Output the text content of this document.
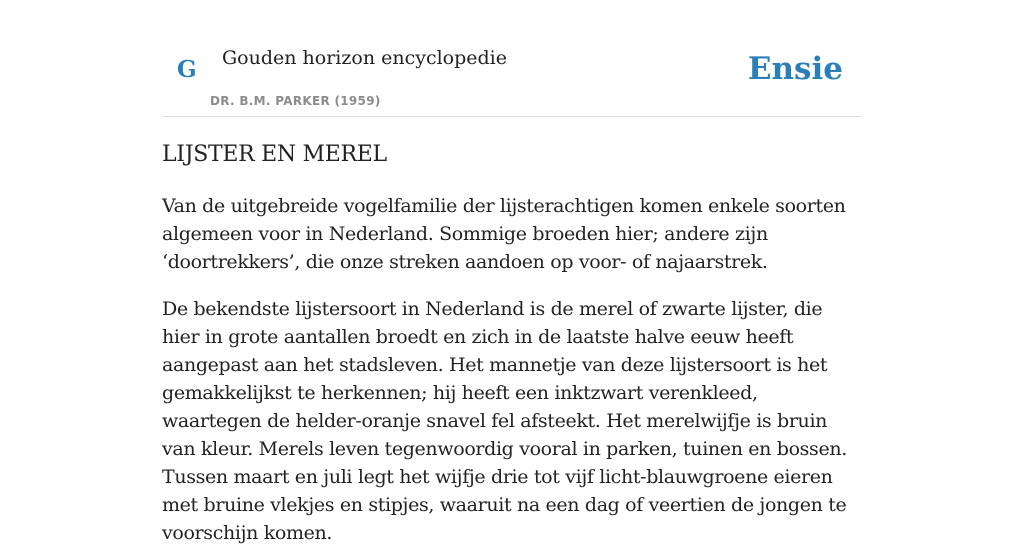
G Gouden horizon encyclopedie
DR. B.M. PARKER (1959)
Ensie
LIJSTER EN MEREL

Van de uitgebreide vogelfamilie der lijsterachtigen komen enkele soorten algemeen voor in Nederland. Sommige broeden hier; andere zijn ‘doortrekkers’, die onze streken aandoen op voor- of najaarstrek.

De bekendste lijstersoort in Nederland is de merel of zwarte lijster, die hier in grote aantallen broedt en zich in de laatste halve eeuw heeft aangepast aan het stadsleven. Het mannetje van deze lijstersoort is het gemakkelijkst te herkennen; hij heeft een inktzwart verenkleed, waartegen de helder-oranje snavel fel afsteekt. Het merelwijfje is bruin van kleur. Merels leven tegenwoordig vooral in parken, tuinen en bossen. Tussen maart en juli legt het wijfje drie tot vijf licht-blauwgroene eieren met bruine vlekjes en stipjes, waaruit na een dag of veertien de jongen te voorschijn komen.
